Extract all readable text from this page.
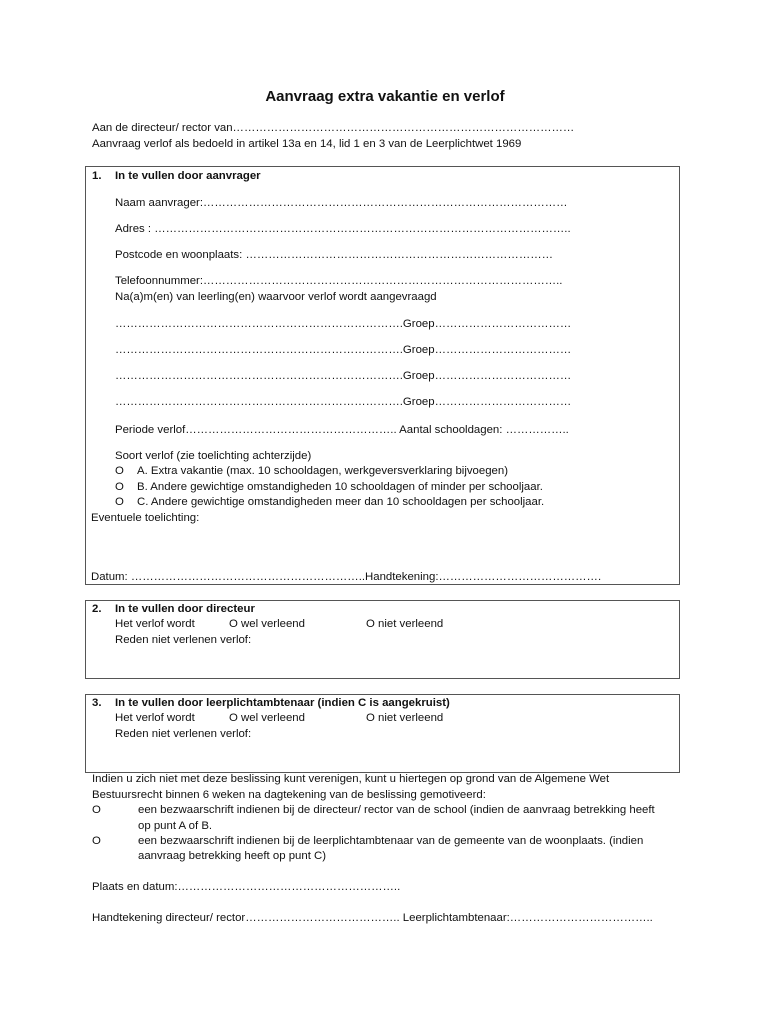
Aanvraag extra vakantie en verlof
Aan de directeur/ rector van………………………………………………………………………………
Aanvraag verlof als bedoeld in artikel 13a en 14, lid 1 en 3 van de Leerplichtwet 1969
1. In te vullen door aanvrager
Naam aanvrager:……………………………………………………………………………………
Adres : ………………………………………………………………………………………………..
Postcode en woonplaats: ………………………………………………………………………
Telefoonnummer:…………………………………………………………………………………..
Na(a)m(en) van leerling(en) waarvoor verlof wordt aangevraagd
………………………………………………………………….Groep………………………………
………………………………………………………………….Groep………………………………
………………………………………………………………….Groep………………………………
………………………………………………………………….Groep………………………………
Periode verlof……………………………………………….. Aantal schooldagen: ……………..
Soort verlof (zie toelichting achterzijde)
O A. Extra vakantie (max. 10 schooldagen, werkgeversverklaring bijvoegen)
O B. Andere gewichtige omstandigheden 10 schooldagen of minder per schooljaar.
O C. Andere gewichtige omstandigheden meer dan 10 schooldagen per schooljaar.
Eventuele toelichting:
Datum: ……………………………………………………..Handtekening:…………………………………….
2. In te vullen door directeur
Het verlof wordt	O wel verleend	O niet verleend
Reden niet verlenen verlof:
3. In te vullen door leerplichtambtenaar (indien C is aangekruist)
Het verlof wordt	O wel verleend	O niet verleend
Reden niet verlenen verlof:
Indien u zich niet met deze beslissing kunt verenigen, kunt u hiertegen op grond van de Algemene Wet
Bestuursrecht binnen 6 weken na dagtekening van de beslissing gemotiveerd:
O	een bezwaarschrift indienen bij de directeur/ rector van de school (indien de aanvraag betrekking heeft
op punt A of B.
O	een bezwaarschrift indienen bij de leerplichtambtenaar van de gemeente van de woonplaats. (indien
aanvraag betrekking heeft op punt C)
Plaats en datum:…………………………………………………..
Handtekening directeur/ rector………………………………….. Leerplichtambtenaar:………………………………..
